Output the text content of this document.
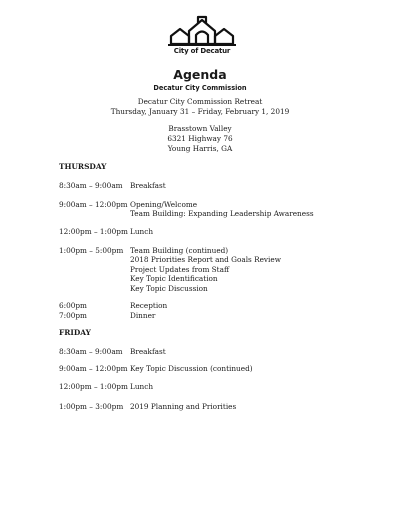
City of Decatur
Agenda
Decatur City Commission
Decatur City Commission Retreat
Thursday, January 31 – Friday, February 1, 2019
Brasstown Valley
6321 Highway 76
Young Harris, GA
THURSDAY
8:30am – 9:00am Breakfast
9:00am – 12:00pm Opening/Welcome
Team Building: Expanding Leadership Awareness
12:00pm – 1:00pm Lunch
1:00pm – 5:00pm Team Building (continued)
2018 Priorities Report and Goals Review
Project Updates from Staff
Key Topic Identification
Key Topic Discussion
6:00pm	Reception
7:00pm	Dinner
FRIDAY
8:30am – 9:00am Breakfast
9:00am – 12:00pm Key Topic Discussion (continued)
12:00pm – 1:00pm Lunch
1:00pm – 3:00pm 2019 Planning and Priorities
